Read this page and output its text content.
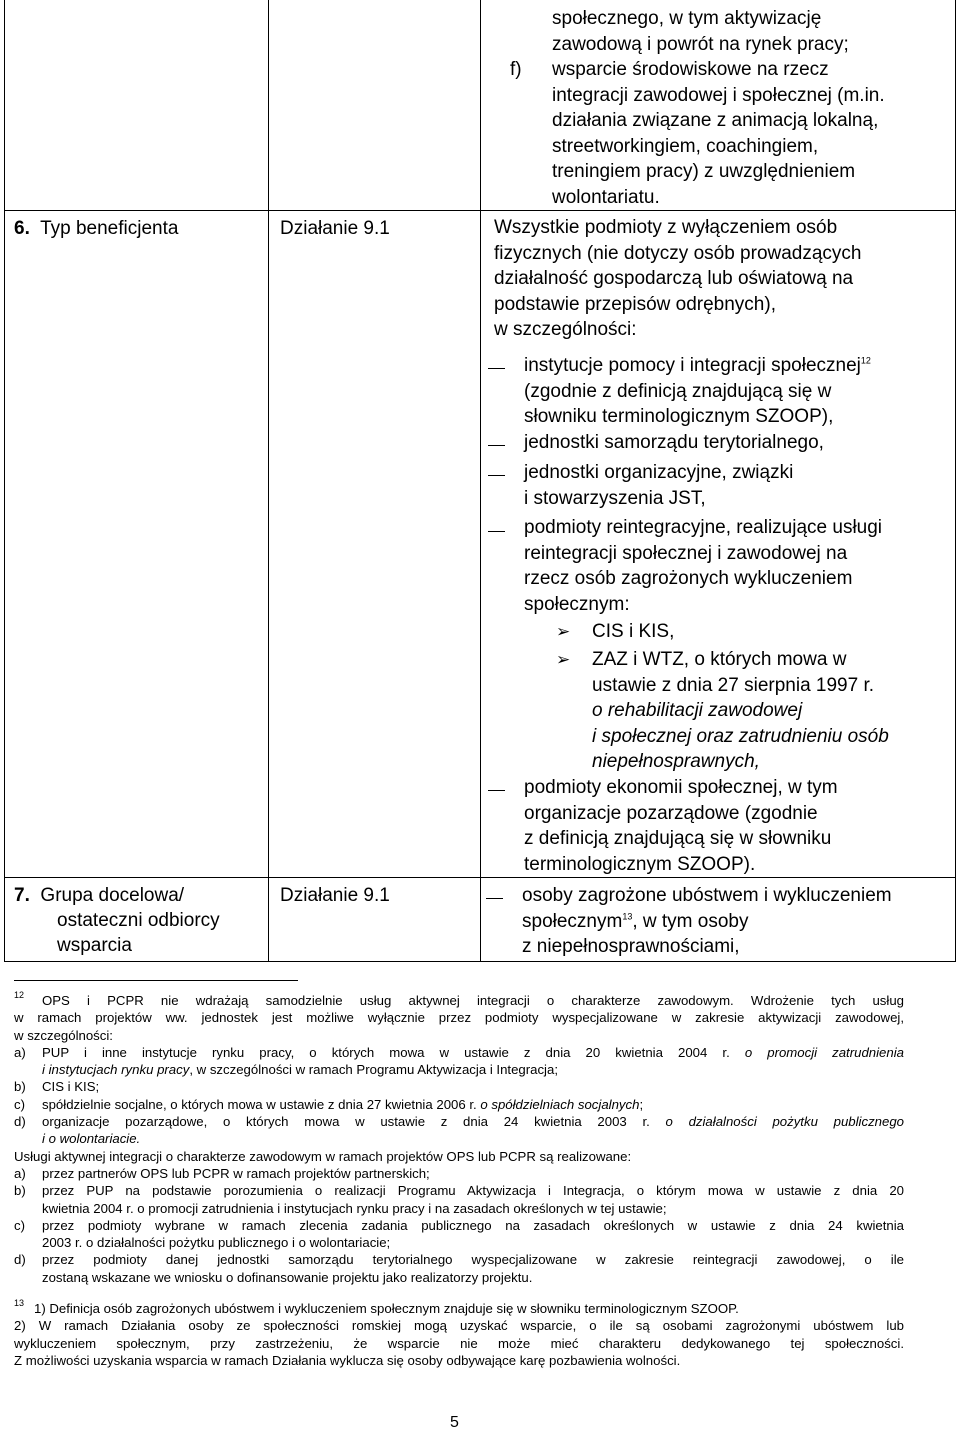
społecznego, w tym aktywizację
zawodową i powrót na rynek pracy;
f) wsparcie środowiskowe na rzecz
integracji zawodowej i społecznej (m.in.
działania związane z animacją lokalną,
streetworkingiem, coachingiem,
treningiem pracy) z uwzględnieniem
wolontariatu.
6. Typ beneficjenta	Działanie 9.1	Wszystkie podmioty z wyłączeniem osób
fizycznych (nie dotyczy osób prowadzących
działalność gospodarczą lub oświatową na
podstawie przepisów odrębnych),
w szczególności:
instytucje pomocy i integracji społecznej$^{12}$
(zgodnie z definicją znajdującą się w
słowniku terminologicznym SZOOP),
jednostki samorządu terytorialnego,
jednostki organizacyjne, związki
i stowarzyszenia JST,
podmioty reintegracyjne, realizujące usługi
reintegracji społecznej i zawodowej na
rzecz osób zagrożonych wykluczeniem
społecznym:
➢ CIS i KIS,
➢ ZAZ i WTZ, o których mowa w
ustawie z dnia 27 sierpnia 1997 r.
o rehabilitacji zawodowej
i społecznej oraz zatrudnieniu osób
niepełnosprawnych,
podmioty ekonomii społecznej, w tym
organizacje pozarządowe (zgodnie
z definicją znajdującą się w słowniku
terminologicznym SZOOP).
7. Grupa docelowa/
ostateczni odbiorcy
wsparcia
Działanie 9.1	osoby zagrożone ubóstwem i wykluczeniem
społecznym$^{13}$, w tym osoby
z niepełnosprawnościami,
12	OPS i PCPR nie wdrażają samodzielnie usług aktywnej integracji o charakterze zawodowym. Wdrożenie tych usług
w ramach projektów ww. jednostek jest możliwe wyłącznie przez podmioty wyspecjalizowane w zakresie aktywizacji zawodowej,
w szczególności:
a) PUP i inne instytucje rynku pracy, o których mowa w ustawie z dnia 20 kwietnia 2004 r. o promocji zatrudnienia
i instytucjach rynku pracy, w szczególności w ramach Programu Aktywizacja i Integracja;
b) CIS i KIS;
c) spółdzielnie socjalne, o których mowa w ustawie z dnia 27 kwietnia 2006 r. o spółdzielniach socjalnych;
d) organizacje pozarządowe, o których mowa w ustawie z dnia 24 kwietnia 2003 r. o działalności pożytku publicznego
i o wolontariacie.
Usługi aktywnej integracji o charakterze zawodowym w ramach projektów OPS lub PCPR są realizowane:
a) przez partnerów OPS lub PCPR w ramach projektów partnerskich;
b) przez PUP na podstawie porozumienia o realizacji Programu Aktywizacja i Integracja, o którym mowa w ustawie z dnia 20
kwietnia 2004 r. o promocji zatrudnienia i instytucjach rynku pracy i na zasadach określonych w tej ustawie;
c) przez podmioty wybrane w ramach zlecenia zadania publicznego na zasadach określonych w ustawie z dnia 24 kwietnia
2003 r. o działalności pożytku publicznego i o wolontariacie;
d) przez podmioty danej jednostki samorządu terytorialnego wyspecjalizowane w zakresie reintegracji zawodowej, o ile
zostaną wskazane we wniosku o dofinansowanie projektu jako realizatorzy projektu.
13 1) Definicja osób zagrożonych ubóstwem i wykluczeniem społecznym znajduje się w słowniku terminologicznym SZOOP.
2) W ramach Działania osoby ze społeczności romskiej mogą uzyskać wsparcie, o ile są osobami zagrożonymi ubóstwem lub
wykluczeniem społecznym, przy zastrzeżeniu, że wsparcie nie może mieć charakteru dedykowanego tej społeczności.
Z możliwości uzyskania wsparcia w ramach Działania wyklucza się osoby odbywające karę pozbawienia wolności.
5
